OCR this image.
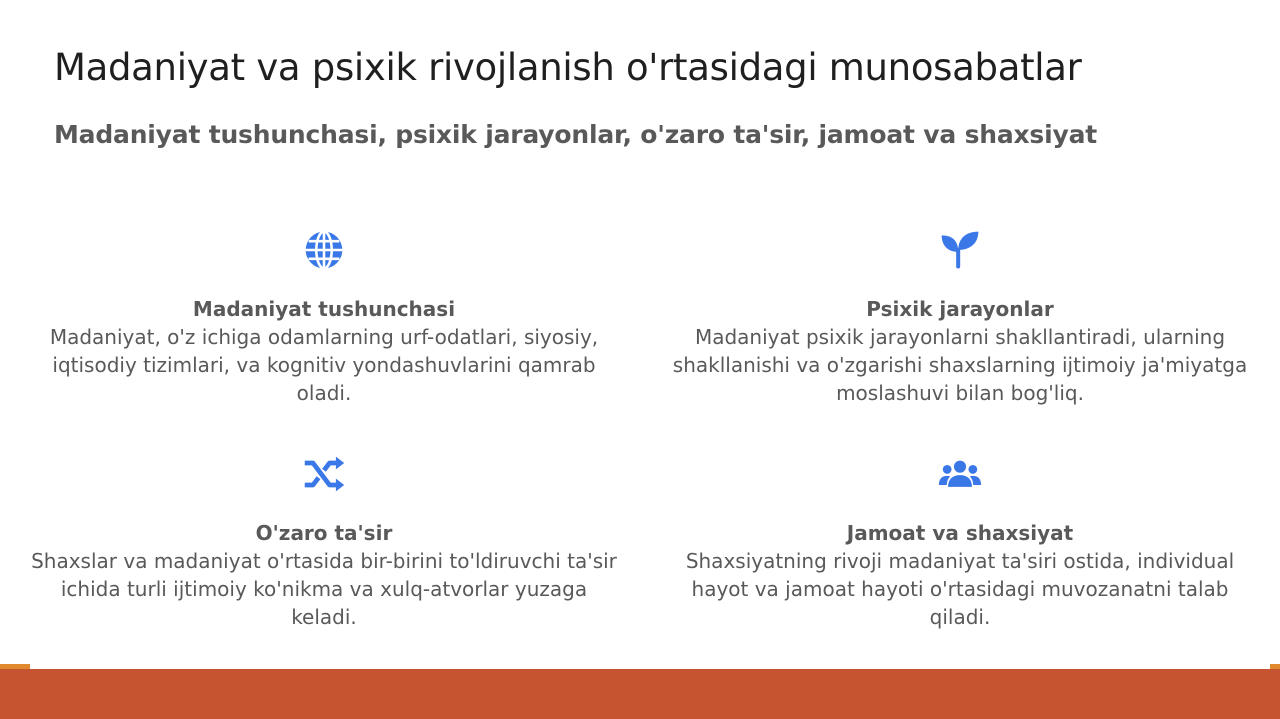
Madaniyat va psixik rivojlanish o'rtasidagi munosabatlar
Madaniyat tushunchasi, psixik jarayonlar, o'zaro ta'sir, jamoat va shaxsiyat
Madaniyat tushunchasi
Madaniyat, o'z ichiga odamlarning urf-odatlari, siyosiy, iqtisodiy tizimlari, va kognitiv yondashuvlarini qamrab oladi.
Psixik jarayonlar
Madaniyat psixik jarayonlarni shakllantiradi, ularning shakllanishi va o'zgarishi shaxslarning ijtimoiy ja'miyatga moslashuvi bilan bog'liq.
O'zaro ta'sir
Shaxslar va madaniyat o'rtasida bir-birini to'ldiruvchi ta'sir ichida turli ijtimoiy ko'nikma va xulq-atvorlar yuzaga keladi.
Jamoat va shaxsiyat
Shaxsiyatning rivoji madaniyat ta'siri ostida, individual hayot va jamoat hayoti o'rtasidagi muvozanatni talab qiladi.
